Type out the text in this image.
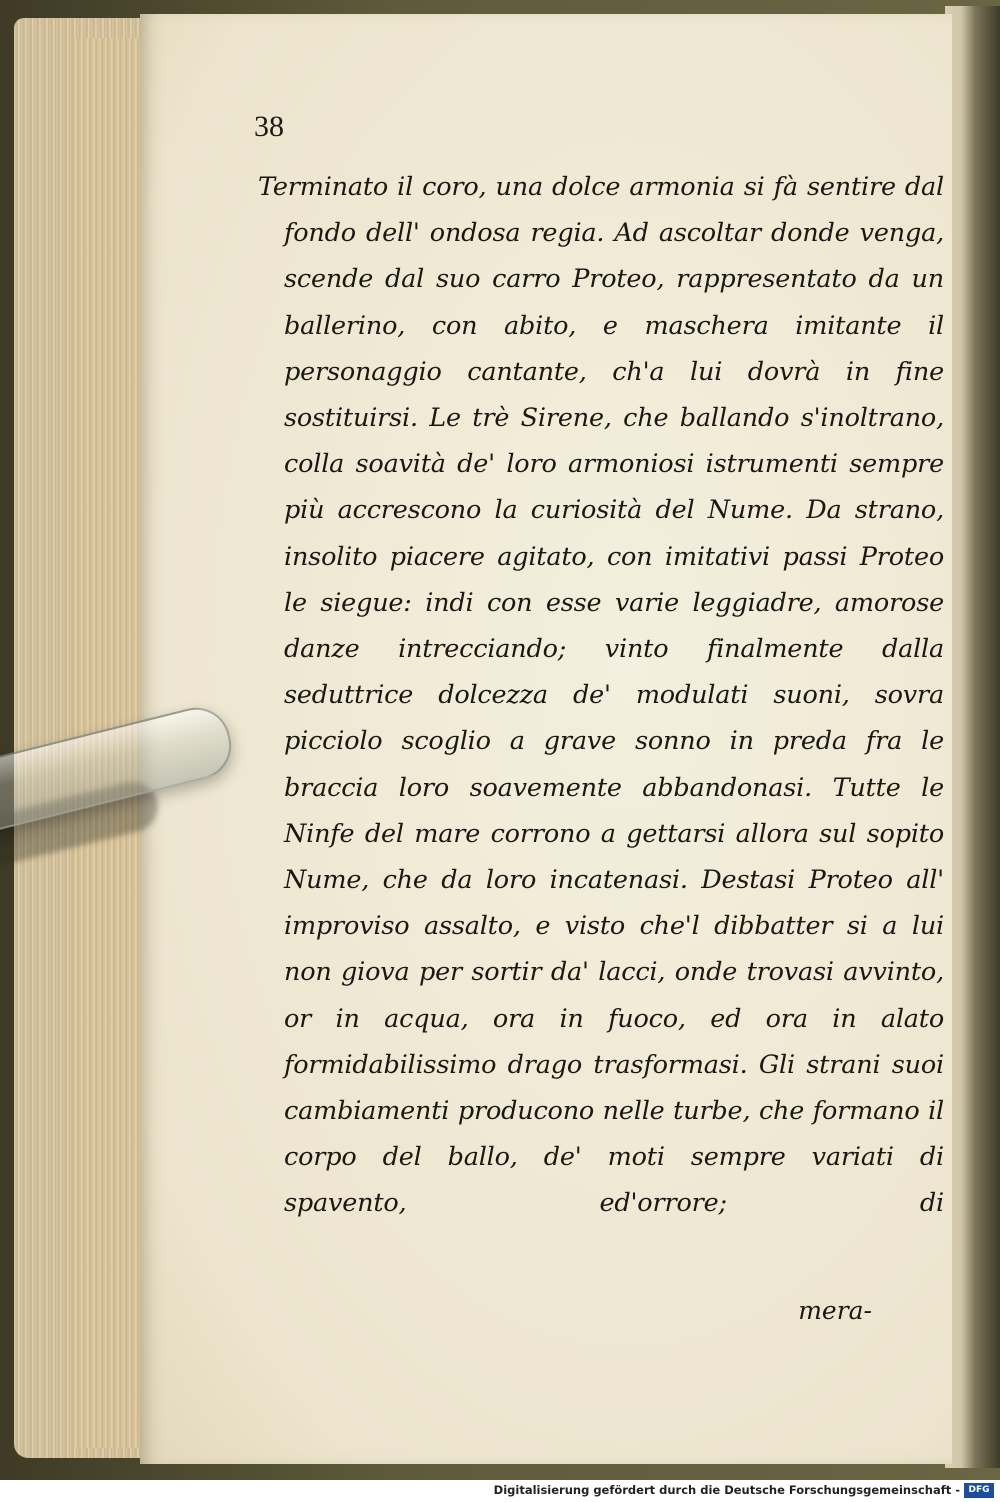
38

Terminato il coro, una dolce armonia si fà sentire dal fondo dell' ondosa regia. Ad ascoltar donde venga, scende dal suo carro Proteo, rappresentato da un ballerino, con abito, e maschera imitante il personaggio cantante, ch'a lui dovrà in fine sostituirsi. Le trè Sirene, che ballando s'inoltrano, colla soavità de' loro armoniosi istrumenti sempre più accrescono la curiosità del Nume. Da strano, insolito piacere agitato, con imitativi passi Proteo le siegue: indi con esse varie leggiadre, amorose danze intrecciando; vinto finalmente dalla seduttrice dolcezza de' modulati suoni, sovra picciolo scoglio a grave sonno in preda fra le braccia loro soavemente abbandonasi. Tutte le Ninfe del mare corrono a gettarsi allora sul sopito Nume, che da loro incatenasi. Destasi Proteo all' improviso assalto, e visto che'l dibbatter si a lui non giova per sortir da' lacci, onde trovasi avvinto, or in acqua, ora in fuoco, ed ora in alato formidabilissimo drago trasformasi. Gli strani suoi cambiamenti producono nelle turbe, che formano il corpo del ballo, de' moti sempre variati di spavento, ed'orrore; di

mera-
Digitalisierung gefördert durch die Deutsche Forschungsgemeinschaft - DFG
